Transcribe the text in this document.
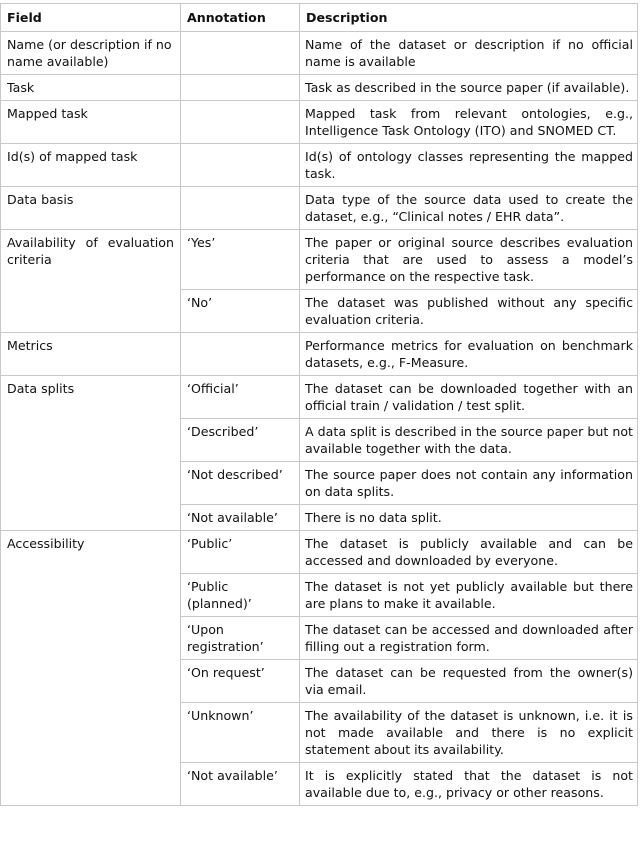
Field	Annotation	Description
Name (or description if no name available)		Name of the dataset or description if no official name is available
Task		Task as described in the source paper (if available).
Mapped task		Mapped task from relevant ontologies, e.g., Intelligence Task Ontology (ITO) and SNOMED CT.
Id(s) of mapped task		Id(s) of ontology classes representing the mapped task.
Data basis		Data type of the source data used to create the dataset, e.g., “Clinical notes / EHR data”.
Availability of evaluation criteria	‘Yes’	The paper or original source describes evaluation criteria that are used to assess a model’s performance on the respective task.
	‘No’	The dataset was published without any specific evaluation criteria.
Metrics		Performance metrics for evaluation on benchmark datasets, e.g., F-Measure.
Data splits	‘Official’	The dataset can be downloaded together with an official train / validation / test split.
	‘Described’	A data split is described in the source paper but not available together with the data.
	‘Not described’	The source paper does not contain any information on data splits.
	‘Not available’	There is no data split.
Accessibility	‘Public’	The dataset is publicly available and can be accessed and downloaded by everyone.
	‘Public (planned)’	The dataset is not yet publicly available but there are plans to make it available.
	‘Upon registration’	The dataset can be accessed and downloaded after filling out a registration form.
	‘On request’	The dataset can be requested from the owner(s) via email.
	‘Unknown’	The availability of the dataset is unknown, i.e. it is not made available and there is no explicit statement about its availability.
	‘Not available’	It is explicitly stated that the dataset is not available due to, e.g., privacy or other reasons.
